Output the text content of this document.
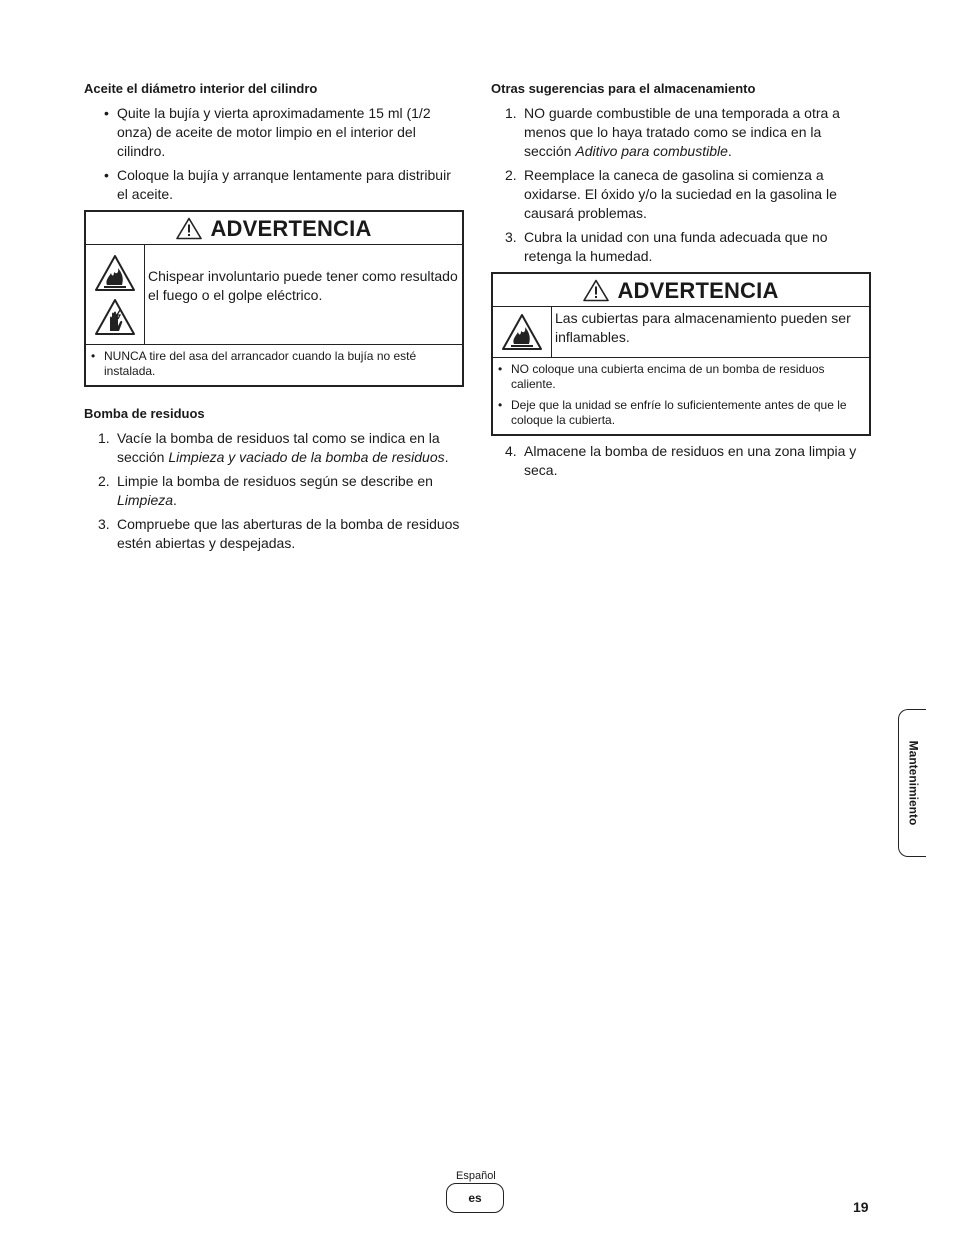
Aceite el diámetro interior del cilindro
• Quite la bujía y vierta aproximadamente 15 ml (1/2 onza) de aceite de motor limpio en el interior del cilindro.
• Coloque la bujía y arranque lentamente para distribuir el aceite.
ADVERTENCIA
Chispear involuntario puede tener como resultado el fuego o el golpe eléctrico.
• NUNCA tire del asa del arrancador cuando la bujía no esté instalada.
Bomba de residuos
1. Vacíe la bomba de residuos tal como se indica en la sección Limpieza y vaciado de la bomba de residuos.
2. Limpie la bomba de residuos según se describe en Limpieza.
3. Compruebe que las aberturas de la bomba de residuos estén abiertas y despejadas.
Otras sugerencias para el almacenamiento
1. NO guarde combustible de una temporada a otra a menos que lo haya tratado como se indica en la sección Aditivo para combustible.
2. Reemplace la caneca de gasolina si comienza a oxidarse. El óxido y/o la suciedad en la gasolina le causará problemas.
3. Cubra la unidad con una funda adecuada que no retenga la humedad.
ADVERTENCIA
Las cubiertas para almacenamiento pueden ser inflamables.
• NO coloque una cubierta encima de un bomba de residuos caliente.
• Deje que la unidad se enfríe lo suficientemente antes de que le coloque la cubierta.
4. Almacene la bomba de residuos en una zona limpia y seca.
Mantenimiento
Español
es
19
